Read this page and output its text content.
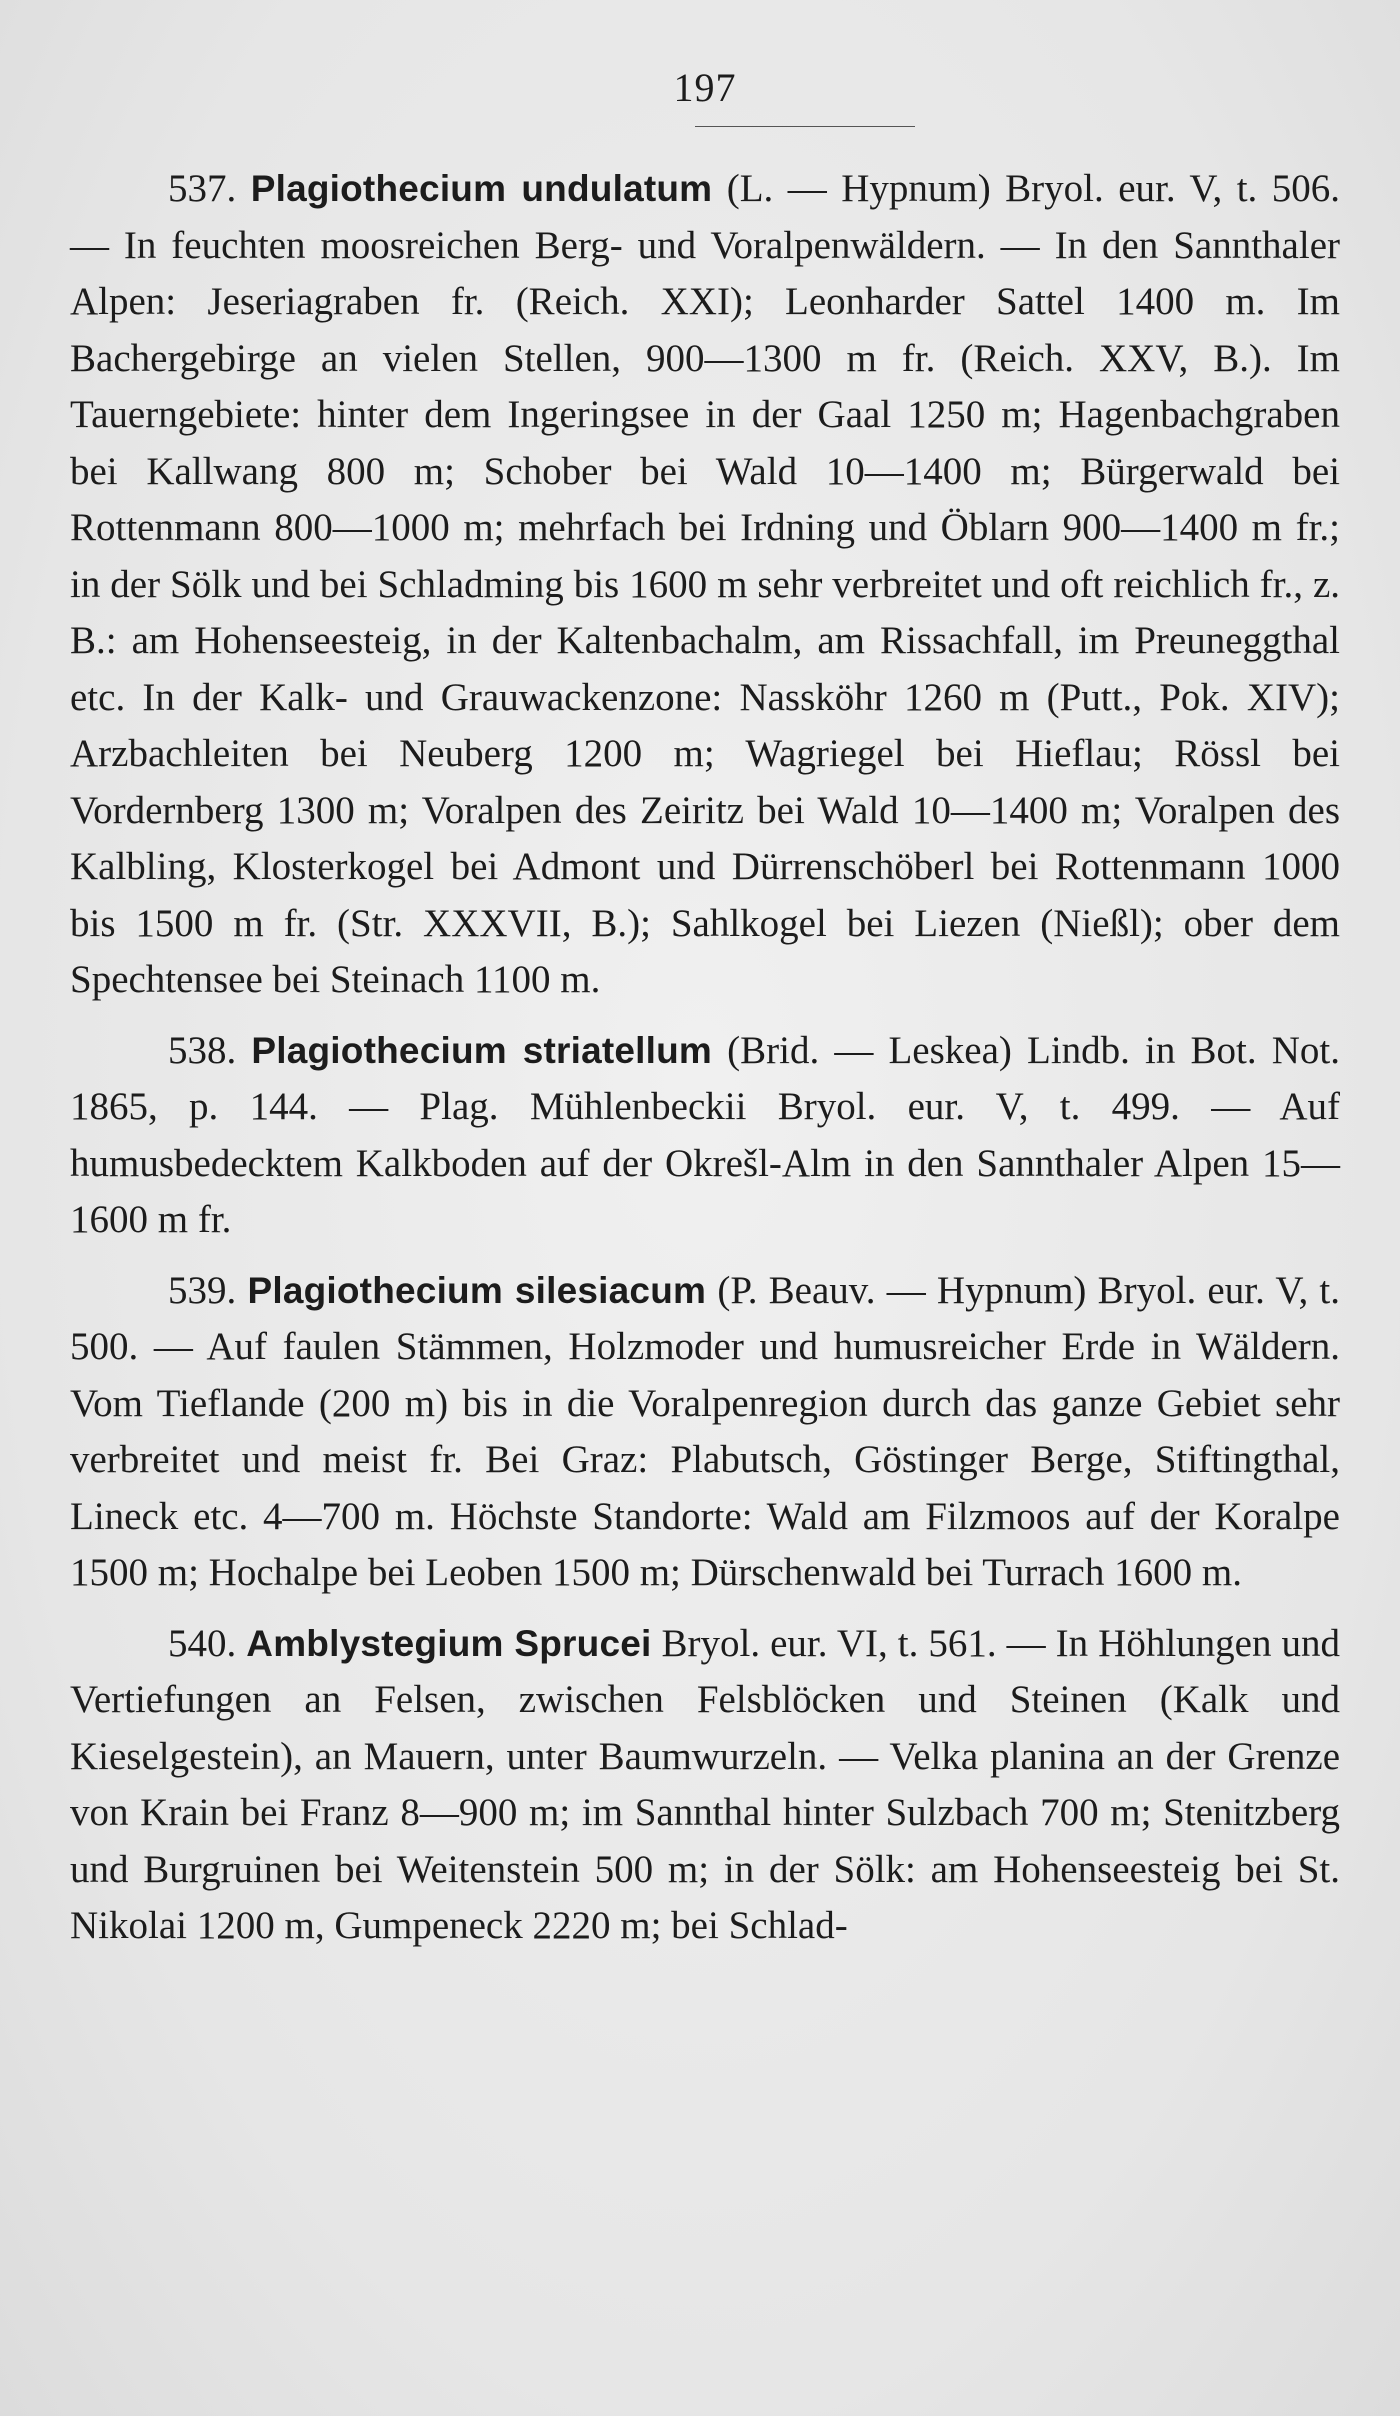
197

537. Plagiothecium undulatum (L. — Hypnum) Bryol. eur. V, t. 506. — In feuchten moosreichen Berg- und Voralpenwäldern. — In den Sannthaler Alpen: Jeseriagraben fr. (Reich. XXI); Leonharder Sattel 1400 m. Im Bachergebirge an vielen Stellen, 900—1300 m fr. (Reich. XXV, B.). Im Tauerngebiete: hinter dem Ingeringsee in der Gaal 1250 m; Hagenbachgraben bei Kallwang 800 m; Schober bei Wald 10—1400 m; Bürgerwald bei Rottenmann 800—1000 m; mehrfach bei Irdning und Öblarn 900—1400 m fr.; in der Sölk und bei Schladming bis 1600 m sehr verbreitet und oft reichlich fr., z. B.: am Hohenseesteig, in der Kaltenbachalm, am Rissachfall, im Preuneggthal etc. In der Kalk- und Grauwackenzone: Nassköhr 1260 m (Putt., Pok. XIV); Arzbachleiten bei Neuberg 1200 m; Wagriegel bei Hieflau; Rössl bei Vordernberg 1300 m; Voralpen des Zeiritz bei Wald 10—1400 m; Voralpen des Kalbling, Klosterkogel bei Admont und Dürrenschöberl bei Rottenmann 1000 bis 1500 m fr. (Str. XXXVII, B.); Sahlkogel bei Liezen (Nießl); ober dem Spechtensee bei Steinach 1100 m.

538. Plagiothecium striatellum (Brid. — Leskea) Lindb. in Bot. Not. 1865, p. 144. — Plag. Mühlenbeckii Bryol. eur. V, t. 499. — Auf humusbedecktem Kalkboden auf der Okrešl-Alm in den Sannthaler Alpen 15—1600 m fr.

539. Plagiothecium silesiacum (P. Beauv. — Hypnum) Bryol. eur. V, t. 500. — Auf faulen Stämmen, Holzmoder und humusreicher Erde in Wäldern. Vom Tieflande (200 m) bis in die Voralpenregion durch das ganze Gebiet sehr verbreitet und meist fr. Bei Graz: Plabutsch, Göstinger Berge, Stiftingthal, Lineck etc. 4—700 m. Höchste Standorte: Wald am Filzmoos auf der Koralpe 1500 m; Hochalpe bei Leoben 1500 m; Dürschenwald bei Turrach 1600 m.

540. Amblystegium Sprucei Bryol. eur. VI, t. 561. — In Höhlungen und Vertiefungen an Felsen, zwischen Felsblöcken und Steinen (Kalk und Kieselgestein), an Mauern, unter Baumwurzeln. — Velka planina an der Grenze von Krain bei Franz 8—900 m; im Sannthal hinter Sulzbach 700 m; Stenitzberg und Burgruinen bei Weitenstein 500 m; in der Sölk: am Hohenseesteig bei St. Nikolai 1200 m, Gumpeneck 2220 m; bei Schlad-
